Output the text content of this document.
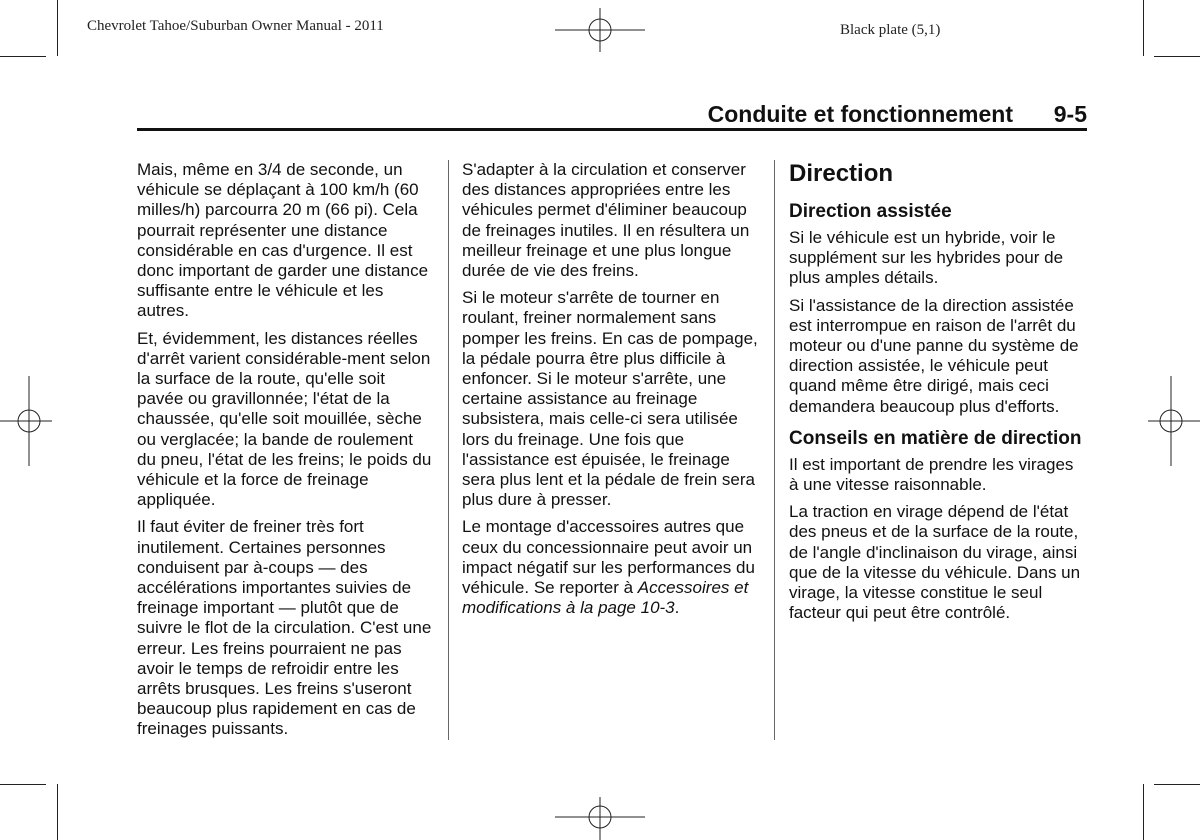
Chevrolet Tahoe/Suburban Owner Manual - 2011	Black plate (5,1)
Conduite et fonctionnement 9-5

Mais, même en 3/4 de seconde, un véhicule se déplaçant à 100 km/h (60 milles/h) parcourra 20 m (66 pi). Cela pourrait représenter une distance considérable en cas d'urgence. Il est donc important de garder une distance suffisante entre le véhicule et les autres.

Et, évidemment, les distances réelles d'arrêt varient considérable-ment selon la surface de la route, qu'elle soit pavée ou gravillonnée; l'état de la chaussée, qu'elle soit mouillée, sèche ou verglacée; la bande de roulement du pneu, l'état de les freins; le poids du véhicule et la force de freinage appliquée.

Il faut éviter de freiner très fort inutilement. Certaines personnes conduisent par à-coups — des accélérations importantes suivies de freinage important — plutôt que de suivre le flot de la circulation. C'est une erreur. Les freins pourraient ne pas avoir le temps de refroidir entre les arrêts brusques. Les freins s'useront beaucoup plus rapidement en cas de freinages puissants.

S'adapter à la circulation et conserver des distances appropriées entre les véhicules permet d'éliminer beaucoup de freinages inutiles. Il en résultera un meilleur freinage et une plus longue durée de vie des freins.

Si le moteur s'arrête de tourner en roulant, freiner normalement sans pomper les freins. En cas de pompage, la pédale pourra être plus difficile à enfoncer. Si le moteur s'arrête, une certaine assistance au freinage subsistera, mais celle-ci sera utilisée lors du freinage. Une fois que l'assistance est épuisée, le freinage sera plus lent et la pédale de frein sera plus dure à presser.

Le montage d'accessoires autres que ceux du concessionnaire peut avoir un impact négatif sur les performances du véhicule. Se reporter à Accessoires et modifications à la page 10-3.

Direction
Direction assistée

Si le véhicule est un hybride, voir le supplément sur les hybrides pour de plus amples détails.

Si l'assistance de la direction assistée est interrompue en raison de l'arrêt du moteur ou d'une panne du système de direction assistée, le véhicule peut quand même être dirigé, mais ceci demandera beaucoup plus d'efforts.

Conseils en matière de direction

Il est important de prendre les virages à une vitesse raisonnable.

La traction en virage dépend de l'état des pneus et de la surface de la route, de l'angle d'inclinaison du virage, ainsi que de la vitesse du véhicule. Dans un virage, la vitesse constitue le seul facteur qui peut être contrôlé.
